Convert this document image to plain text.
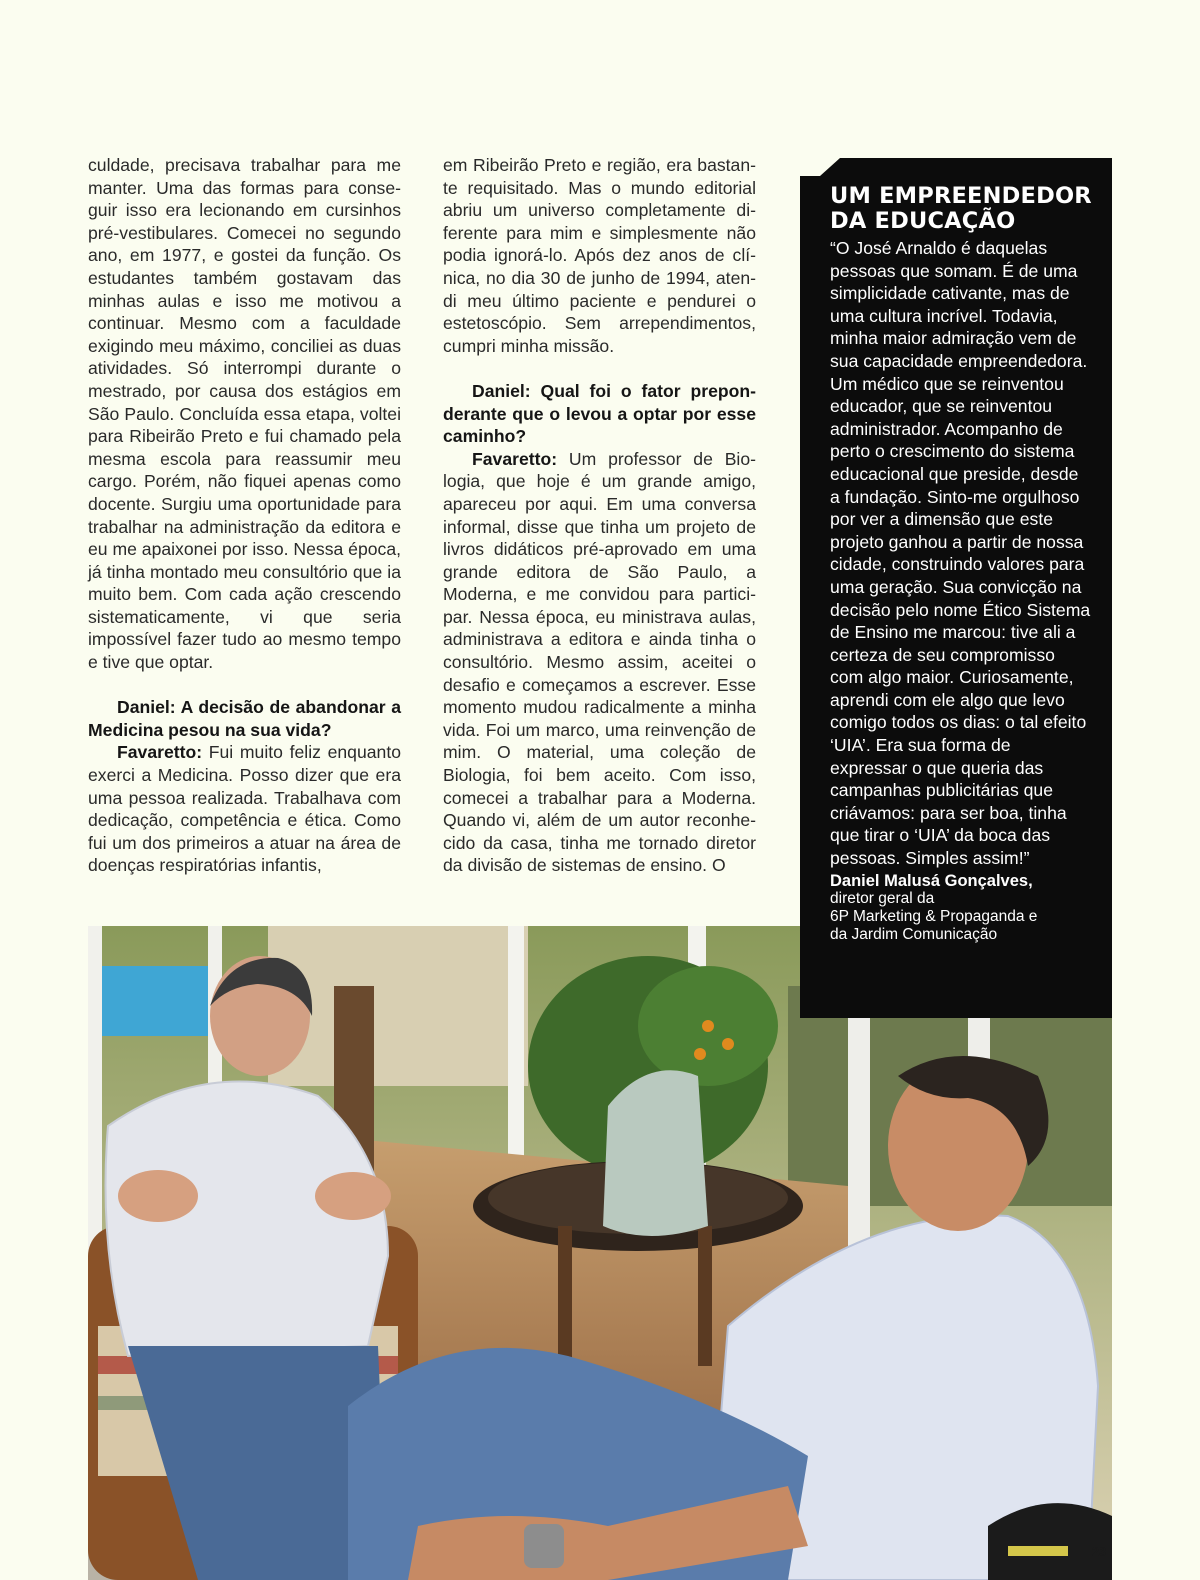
culdade, precisava trabalhar para me manter. Uma das formas para conseguir isso era lecionando em cursinhos pré-vestibulares. Comecei no segundo ano, em 1977, e gostei da função. Os estudantes também gostavam das minhas aulas e isso me motivou a continuar. Mesmo com a faculdade exigindo meu máximo, conciliei as duas atividades. Só interrompi durante o mestrado, por causa dos estágios em São Paulo. Concluída essa etapa, voltei para Ribeirão Preto e fui chamado pela mesma escola para reassumir meu cargo. Porém, não fiquei apenas como docente. Surgiu uma oportunidade para trabalhar na administração da editora e eu me apaixonei por isso. Nessa época, já tinha montado meu consultório que ia muito bem. Com cada ação crescendo sistematicamente, vi que seria impossível fazer tudo ao mesmo tempo e tive que optar.

Daniel: A decisão de abandonar a Medicina pesou na sua vida?

Favaretto: Fui muito feliz enquanto exerci a Medicina. Posso dizer que era uma pessoa realizada. Trabalhava com dedicação, competência e ética. Como fui um dos primeiros a atuar na área de doenças respiratórias infantis,

em Ribeirão Preto e região, era bastante requisitado. Mas o mundo editorial abriu um universo completamente diferente para mim e simplesmente não podia ignorá-lo. Após dez anos de clínica, no dia 30 de junho de 1994, atendi meu último paciente e pendurei o estetoscópio. Sem arrependimentos, cumpri minha missão.

Daniel: Qual foi o fator preponderante que o levou a optar por esse caminho?

Favaretto: Um professor de Biologia, que hoje é um grande amigo, apareceu por aqui. Em uma conversa informal, disse que tinha um projeto de livros didáticos pré-aprovado em uma grande editora de São Paulo, a Moderna, e me convidou para participar. Nessa época, eu ministrava aulas, administrava a editora e ainda tinha o consultório. Mesmo assim, aceitei o desafio e começamos a escrever. Esse momento mudou radicalmente a minha vida. Foi um marco, uma reinvenção de mim. O material, uma coleção de Biologia, foi bem aceito. Com isso, comecei a trabalhar para a Moderna. Quando vi, além de um autor reconhecido da casa, tinha me tornado diretor da divisão de sistemas de ensino. O

UM EMPREENDEDOR
DA EDUCAÇÃO

“O José Arnaldo é daquelas pessoas que somam. É de uma simplicidade cativante, mas de uma cultura incrível. Todavia, minha maior admiração vem de sua capacidade empreendedora. Um médico que se reinventou educador, que se reinventou administrador. Acompanho de perto o crescimento do sistema educacional que preside, desde a fundação. Sinto-me orgulhoso por ver a dimensão que este projeto ganhou a partir de nossa cidade, construindo valores para uma geração. Sua convicção na decisão pelo nome Ético Sistema de Ensino me marcou: tive ali a certeza de seu compromisso com algo maior. Curiosamente, aprendi com ele algo que levo comigo todos os dias: o tal efeito ‘UIA’. Era sua forma de expressar o que queria das campanhas publicitárias que criávamos: para ser boa, tinha que tirar o ‘UIA’ da boca das pessoas. Simples assim!”

Daniel Malusá Gonçalves,
diretor geral da
6P Marketing & Propaganda e
da Jardim Comunicação
23
